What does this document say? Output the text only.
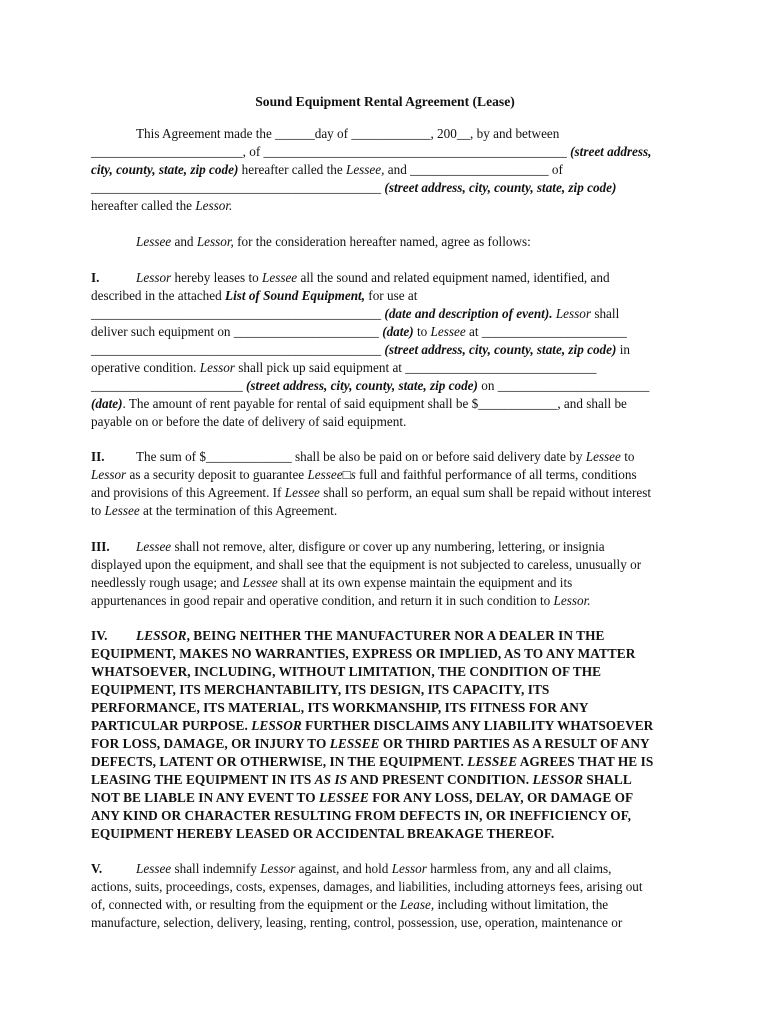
Sound Equipment Rental Agreement (Lease)
This Agreement made the ______day of ____________, 200__, by and between
_______________________, of ______________________________________________ (street address,
city, county, state, zip code) hereafter called the Lessee, and _____________________ of
____________________________________________ (street address, city, county, state, zip code)
hereafter called the Lessor.
Lessee and Lessor, for the consideration hereafter named, agree as follows:
I.	Lessor hereby leases to Lessee all the sound and related equipment named, identified, and
described in the attached List of Sound Equipment, for use at
____________________________________________ (date and description of event). Lessor shall
deliver such equipment on ______________________ (date) to Lessee at ______________________
____________________________________________ (street address, city, county, state, zip code) in
operative condition. Lessor shall pick up said equipment at _____________________________
_______________________ (street address, city, county, state, zip code) on _______________________
(date). The amount of rent payable for rental of said equipment shall be $____________, and shall be
payable on or before the date of delivery of said equipment.
II. The sum of $_____________ shall be also be paid on or before said delivery date by Lessee to
Lessor as a security deposit to guarantee Lessee□s full and faithful performance of all terms, conditions
and provisions of this Agreement. If Lessee shall so perform, an equal sum shall be repaid without interest
to Lessee at the termination of this Agreement.
III. Lessee shall not remove, alter, disfigure or cover up any numbering, lettering, or insignia
displayed upon the equipment, and shall see that the equipment is not subjected to careless, unusually or
needlessly rough usage; and Lessee shall at its own expense maintain the equipment and its
appurtenances in good repair and operative condition, and return it in such condition to Lessor.
IV. LESSOR, BEING NEITHER THE MANUFACTURER NOR A DEALER IN THE
EQUIPMENT, MAKES NO WARRANTIES, EXPRESS OR IMPLIED, AS TO ANY MATTER
WHATSOEVER, INCLUDING, WITHOUT LIMITATION, THE CONDITION OF THE
EQUIPMENT, ITS MERCHANTABILITY, ITS DESIGN, ITS CAPACITY, ITS
PERFORMANCE, ITS MATERIAL, ITS WORKMANSHIP, ITS FITNESS FOR ANY
PARTICULAR PURPOSE. LESSOR FURTHER DISCLAIMS ANY LIABILITY WHATSOEVER
FOR LOSS, DAMAGE, OR INJURY TO LESSEE OR THIRD PARTIES AS A RESULT OF ANY
DEFECTS, LATENT OR OTHERWISE, IN THE EQUIPMENT. LESSEE AGREES THAT HE IS
LEASING THE EQUIPMENT IN ITS AS IS AND PRESENT CONDITION. LESSOR SHALL
NOT BE LIABLE IN ANY EVENT TO LESSEE FOR ANY LOSS, DELAY, OR DAMAGE OF
ANY KIND OR CHARACTER RESULTING FROM DEFECTS IN, OR INEFFICIENCY OF,
EQUIPMENT HEREBY LEASED OR ACCIDENTAL BREAKAGE THEREOF.
V.	Lessee shall indemnify Lessor against, and hold Lessor harmless from, any and all claims,
actions, suits, proceedings, costs, expenses, damages, and liabilities, including attorneys fees, arising out
of, connected with, or resulting from the equipment or the Lease, including without limitation, the
manufacture, selection, delivery, leasing, renting, control, possession, use, operation, maintenance or
